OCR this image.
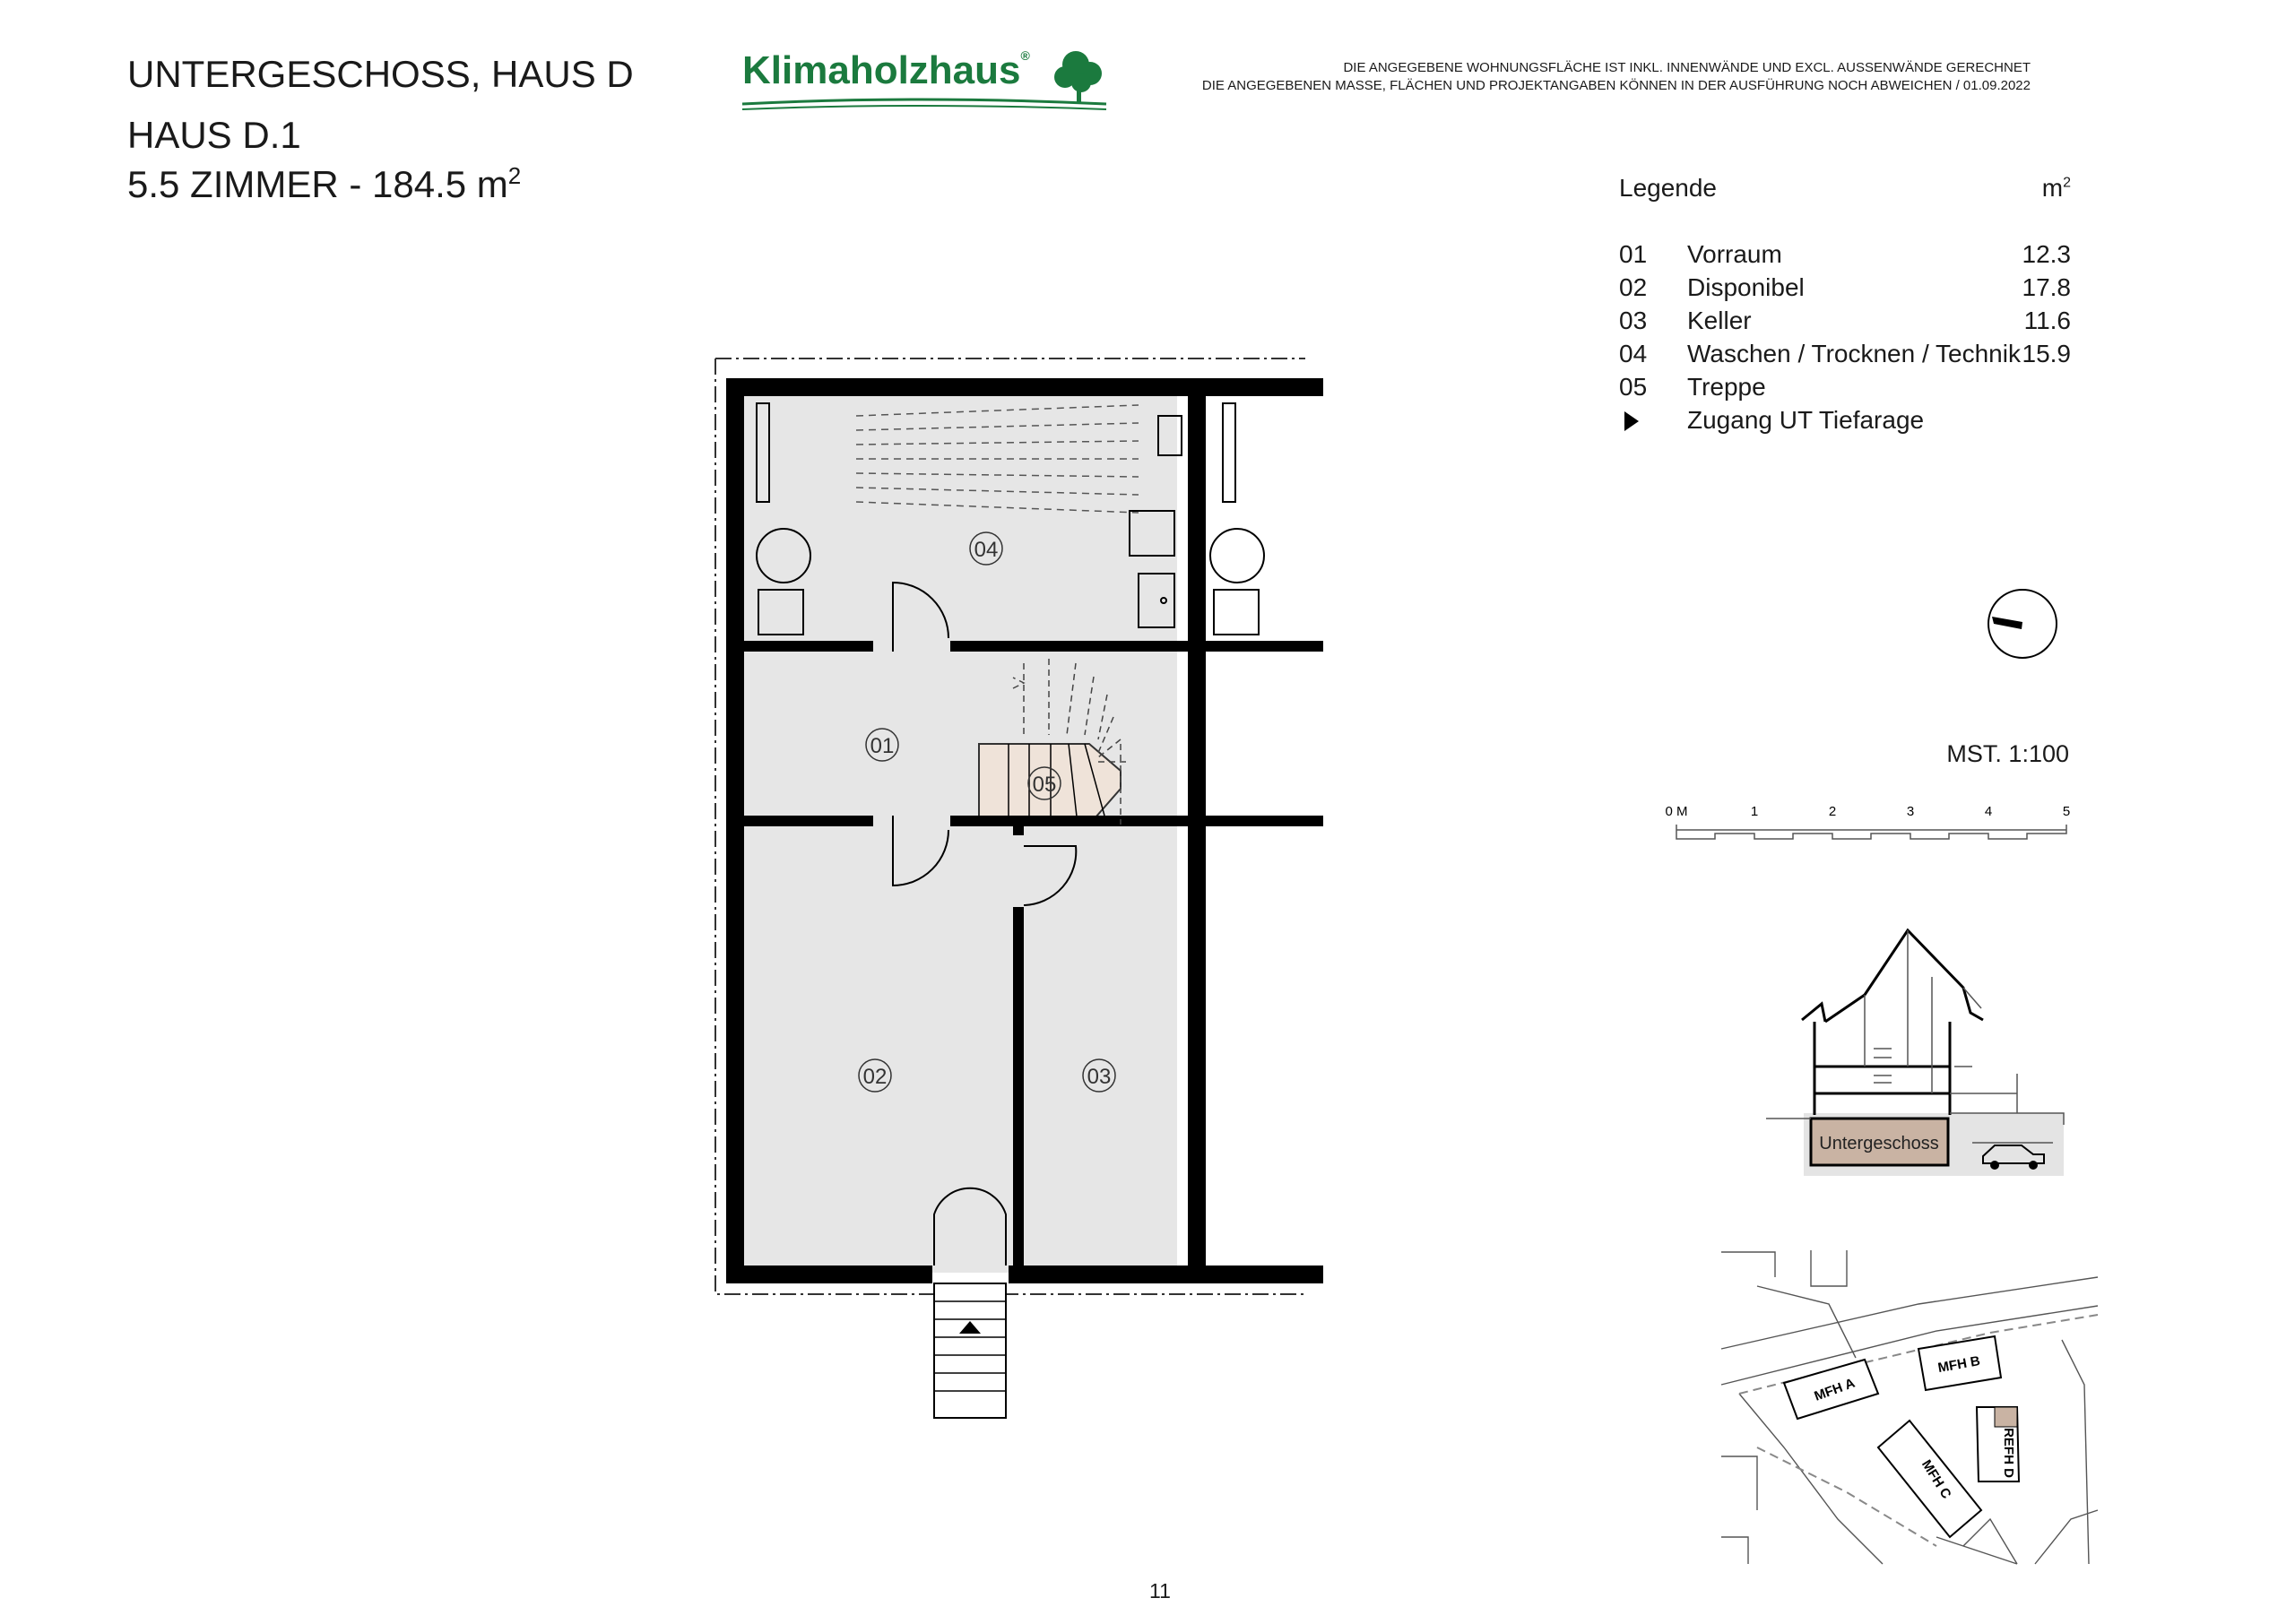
UNTERGESCHOSS, HAUS D
HAUS D.1
5.5 ZIMMER - 184.5 $m^2$
Klimaholzhaus®
DIE ANGEGEBENE WOHNUNGSFLÄCHE IST INKL. INNENWÄNDE UND EXCL. AUSSENWÄNDE GERECHNET
DIE ANGEGEBENEN MASSE, FLÄCHEN UND PROJEKTANGABEN KÖNNEN IN DER AUSFÜHRUNG NOCH ABWEICHEN / 01.09.2022
04
01
05
02	03
Legende	$m^2$
01 Vorraum	12.3
02 Disponibel	17.8
03 Keller	11.6
04 Waschen / Trocknen / Technik 15.9
05 Treppe
Zugang UT Tiefarage
MST. 1:100
0 M	1	2	3	4	5
Untergeschoss
MFH A
MFH B
MFH C
REFH D
11
